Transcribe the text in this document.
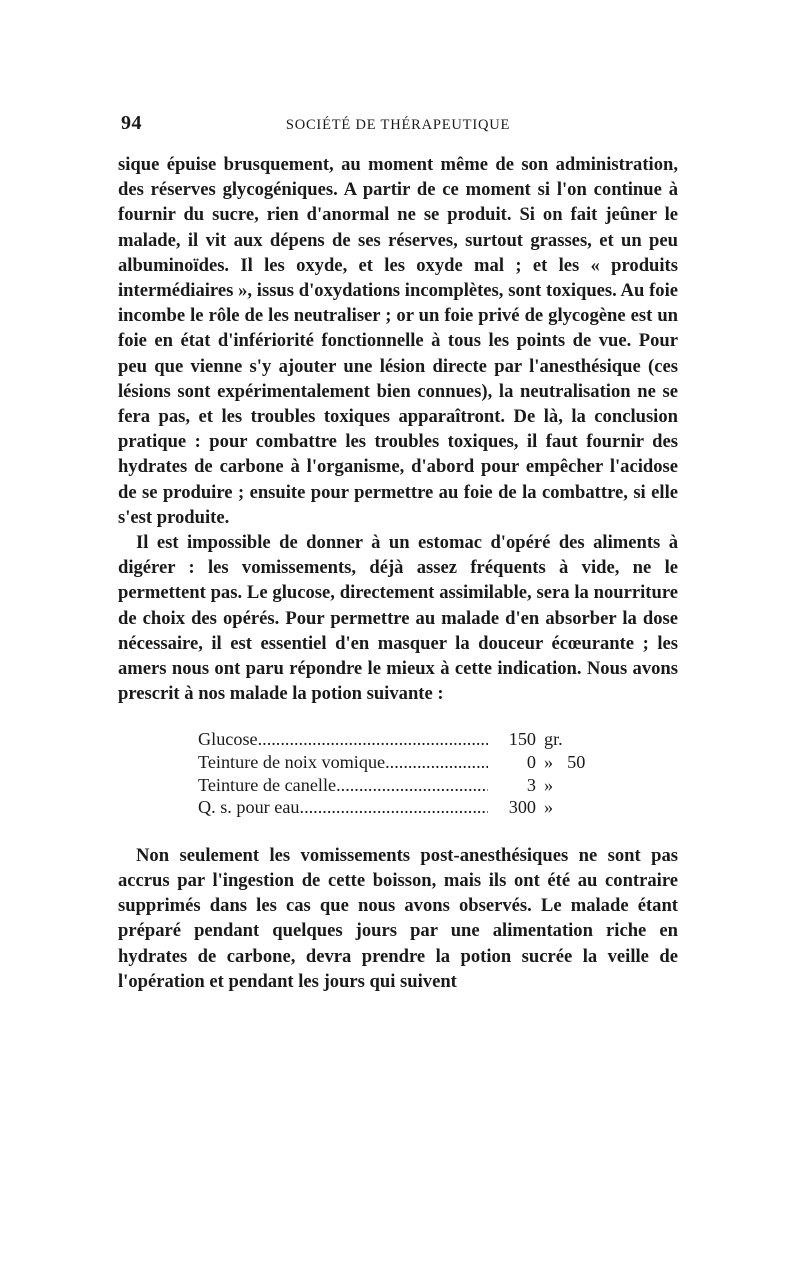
94	SOCIÉTÉ DE THÉRAPEUTIQUE

sique épuise brusquement, au moment même de son administration, des réserves glycogéniques. A partir de ce moment si l'on continue à fournir du sucre, rien d'anormal ne se produit. Si on fait jeûner le malade, il vit aux dépens de ses réserves, surtout grasses, et un peu albuminoïdes. Il les oxyde, et les oxyde mal ; et les « produits intermédiaires », issus d'oxydations incomplètes, sont toxiques. Au foie incombe le rôle de les neutraliser ; or un foie privé de glycogène est un foie en état d'infériorité fonctionnelle à tous les points de vue. Pour peu que vienne s'y ajouter une lésion directe par l'anesthésique (ces lésions sont expérimentalement bien connues), la neutralisation ne se fera pas, et les troubles toxiques apparaîtront. De là, la conclusion pratique : pour combattre les troubles toxiques, il faut fournir des hydrates de carbone à l'organisme, d'abord pour empêcher l'acidose de se produire ; ensuite pour permettre au foie de la combattre, si elle s'est produite.

Il est impossible de donner à un estomac d'opéré des aliments à digérer : les vomissements, déjà assez fréquents à vide, ne le permettent pas. Le glucose, directement assimilable, sera la nourriture de choix des opérés. Pour permettre au malade d'en absorber la dose nécessaire, il est essentiel d'en masquer la douceur écœurante ; les amers nous ont paru répondre le mieux à cette indication. Nous avons prescrit à nos malade la potion suivante :

Glucose .....	150 gr.
Teinture de noix vomique .....	0 » 50
Teinture de canelle .....	3 »
Q. s. pour eau .....	300 »

Non seulement les vomissements post-anesthésiques ne sont pas accrus par l'ingestion de cette boisson, mais ils ont été au contraire supprimés dans les cas que nous avons observés. Le malade étant préparé pendant quelques jours par une alimentation riche en hydrates de carbone, devra prendre la potion sucrée la veille de l'opération et pendant les jours qui suivent
